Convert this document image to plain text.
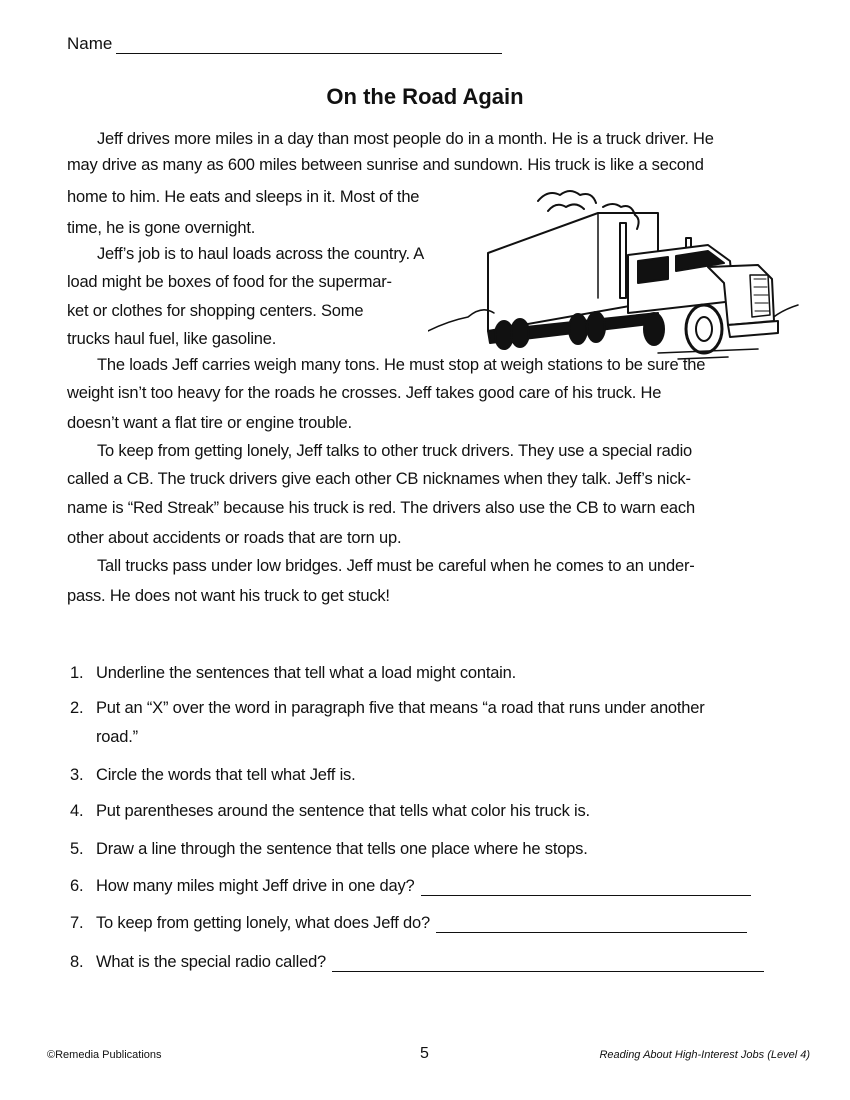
Name
On the Road Again
Jeff drives more miles in a day than most people do in a month. He is a truck driver. He
may drive as many as 600 miles between sunrise and sundown. His truck is like a second
home to him. He eats and sleeps in it. Most of the
time, he is gone overnight.
Jeff’s job is to haul loads across the country. A
load might be boxes of food for the supermar-
ket or clothes for shopping centers. Some
trucks haul fuel, like gasoline.
The loads Jeff carries weigh many tons. He must stop at weigh stations to be sure the
weight isn’t too heavy for the roads he crosses. Jeff takes good care of his truck. He
doesn’t want a flat tire or engine trouble.
To keep from getting lonely, Jeff talks to other truck drivers. They use a special radio
called a CB. The truck drivers give each other CB nicknames when they talk. Jeff’s nick-
name is “Red Streak” because his truck is red. The drivers also use the CB to warn each
other about accidents or roads that are torn up.
Tall trucks pass under low bridges. Jeff must be careful when he comes to an under-
pass. He does not want his truck to get stuck!
1. Underline the sentences that tell what a load might contain.
2. Put an “X” over the word in paragraph five that means “a road that runs under another
road.”
3. Circle the words that tell what Jeff is.
4. Put parentheses around the sentence that tells what color his truck is.
5. Draw a line through the sentence that tells one place where he stops.
6. How many miles might Jeff drive in one day?
7. To keep from getting lonely, what does Jeff do?
8. What is the special radio called?
©Remedia Publications	5	Reading About High-Interest Jobs (Level 4)
